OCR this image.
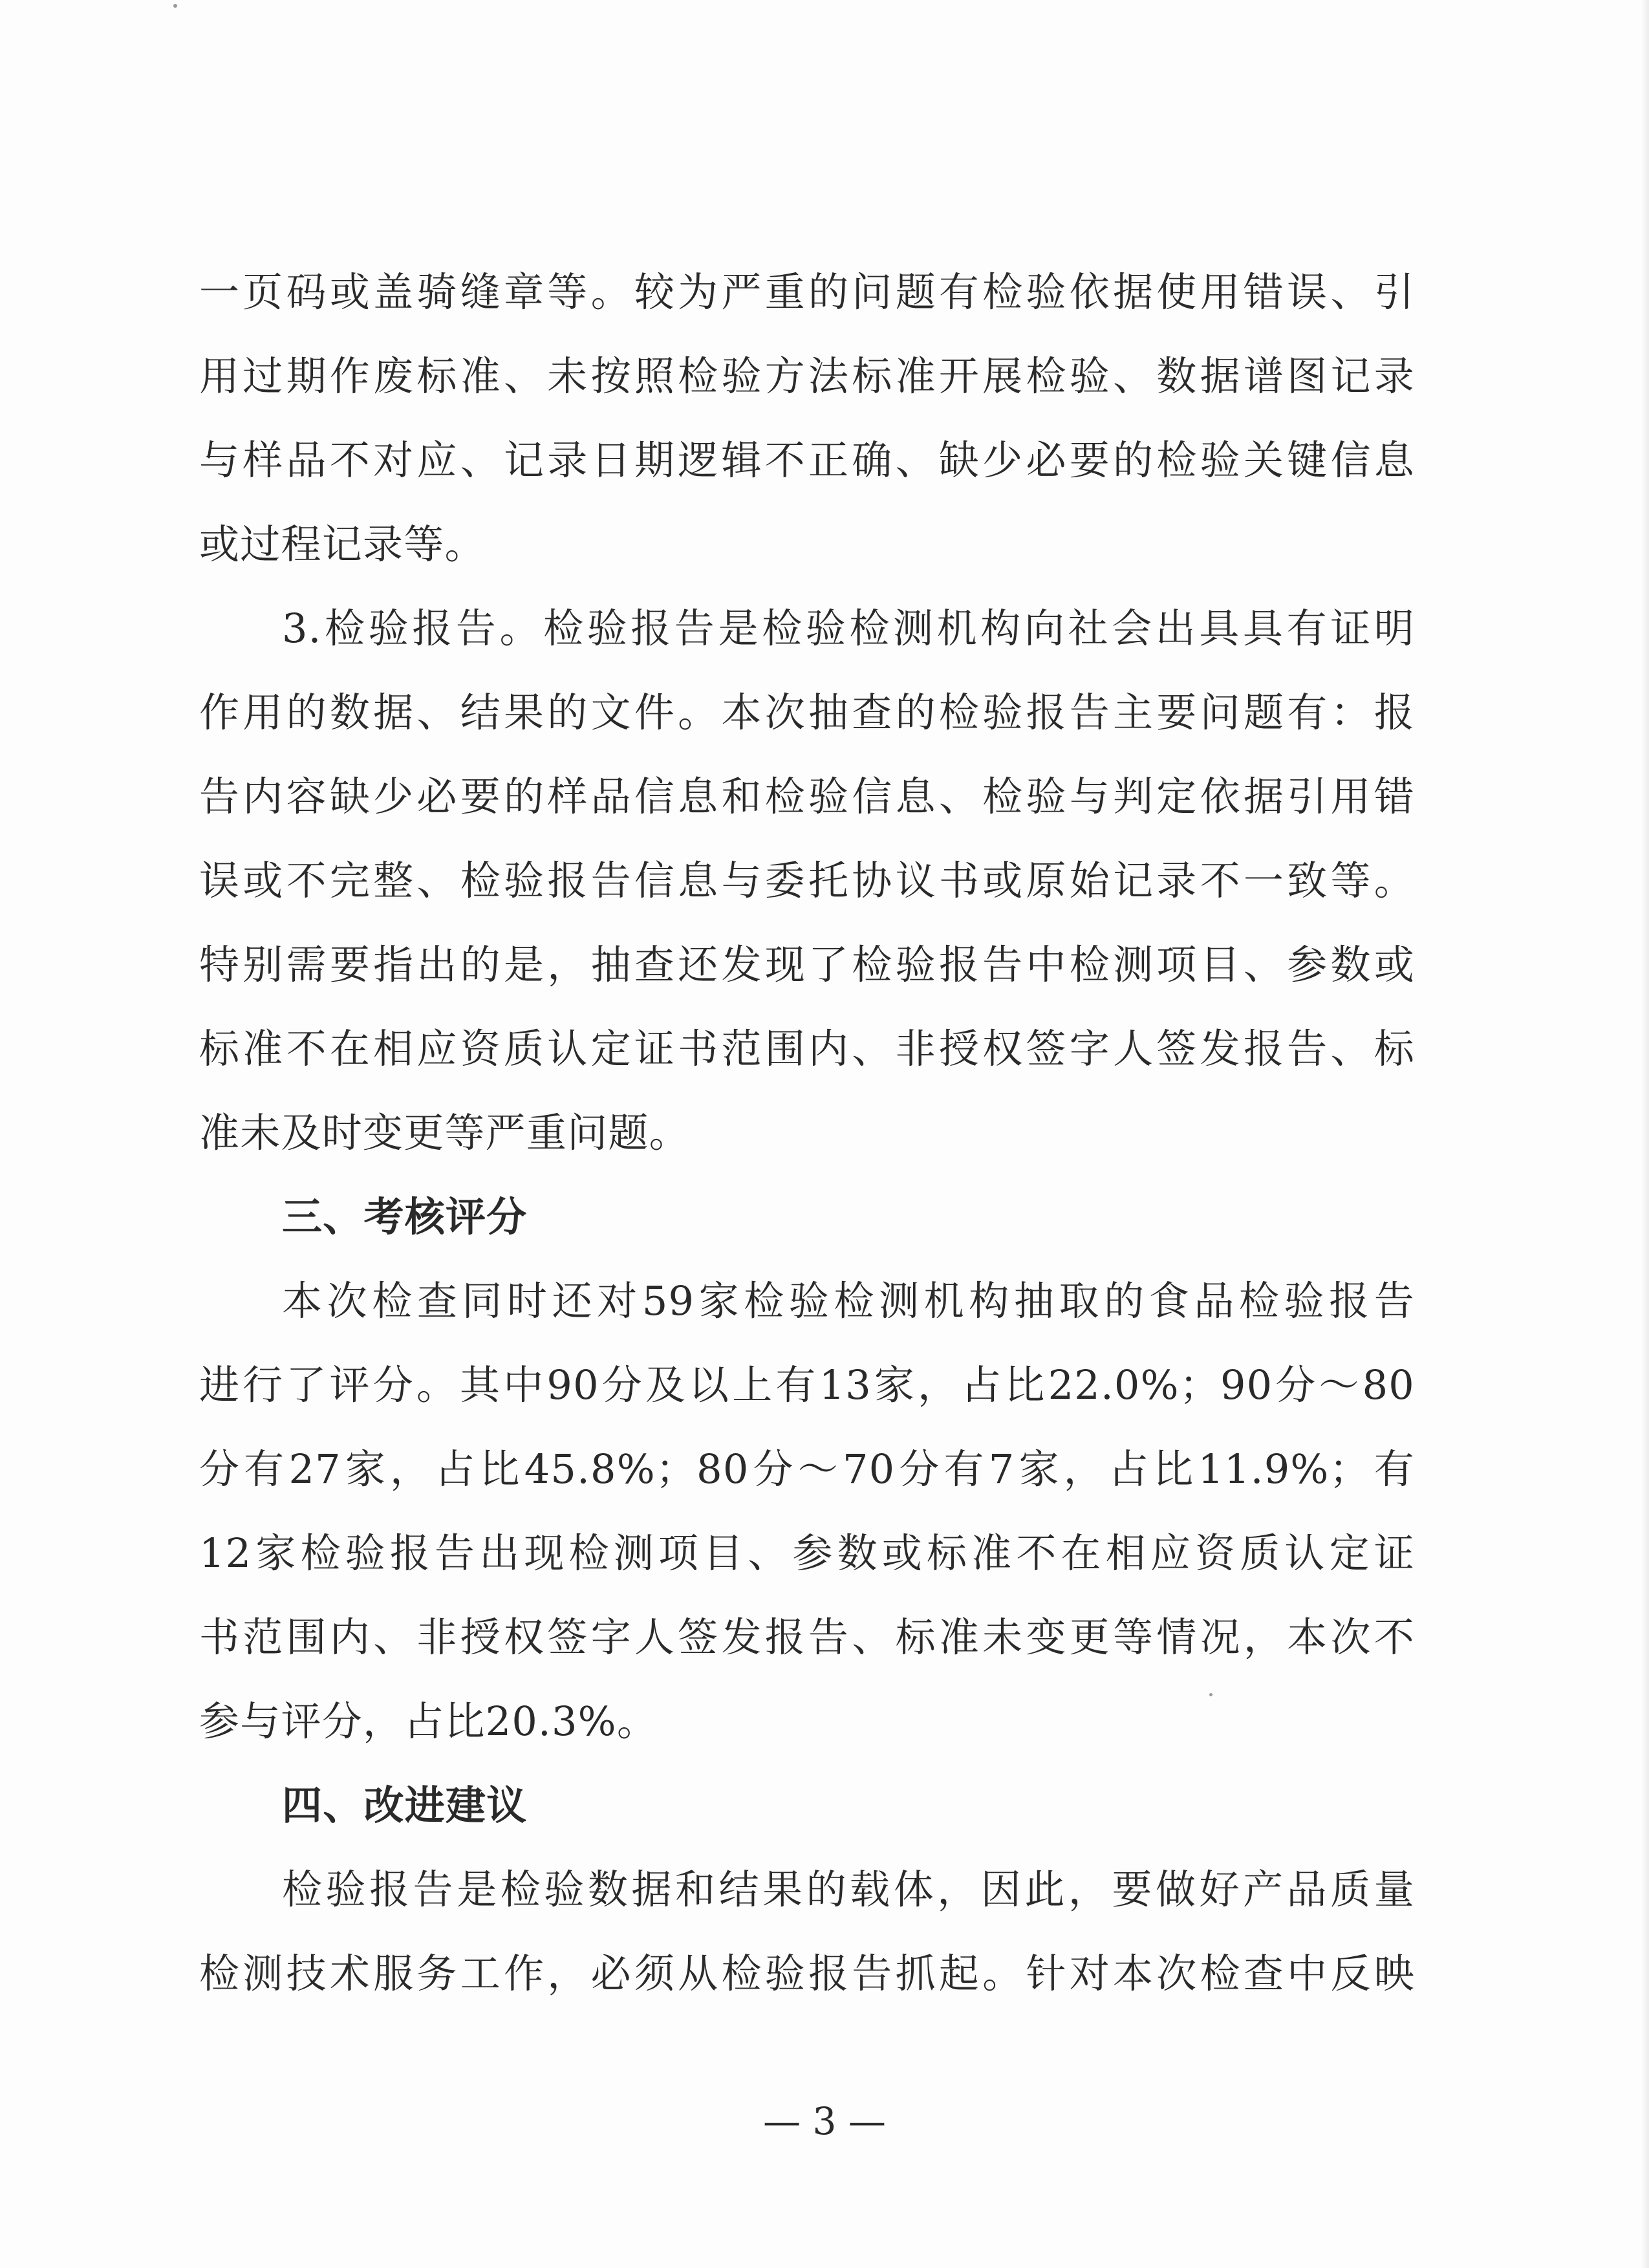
一页码或盖骑缝章等。较为严重的问题有检验依据使用错误、引
用过期作废标准、未按照检验方法标准开展检验、数据谱图记录
与样品不对应、记录日期逻辑不正确、缺少必要的检验关键信息
或过程记录等。
3.检验报告。检验报告是检验检测机构向社会出具具有证明
作用的数据、结果的文件。本次抽查的检验报告主要问题有：报
告内容缺少必要的样品信息和检验信息、检验与判定依据引用错
误或不完整、检验报告信息与委托协议书或原始记录不一致等。
特别需要指出的是，抽查还发现了检验报告中检测项目、参数或
标准不在相应资质认定证书范围内、非授权签字人签发报告、标
准未及时变更等严重问题。
三、考核评分
本次检查同时还对59家检验检测机构抽取的食品检验报告
进行了评分。其中90分及以上有13家，占比22.0%；90分～80
分有27家，占比45.8%；80分～70分有7家，占比11.9%；有
12家检验报告出现检测项目、参数或标准不在相应资质认定证
书范围内、非授权签字人签发报告、标准未变更等情况，本次不
参与评分，占比20.3%。
四、改进建议
检验报告是检验数据和结果的载体，因此，要做好产品质量
检测技术服务工作，必须从检验报告抓起。针对本次检查中反映
— 3 —
